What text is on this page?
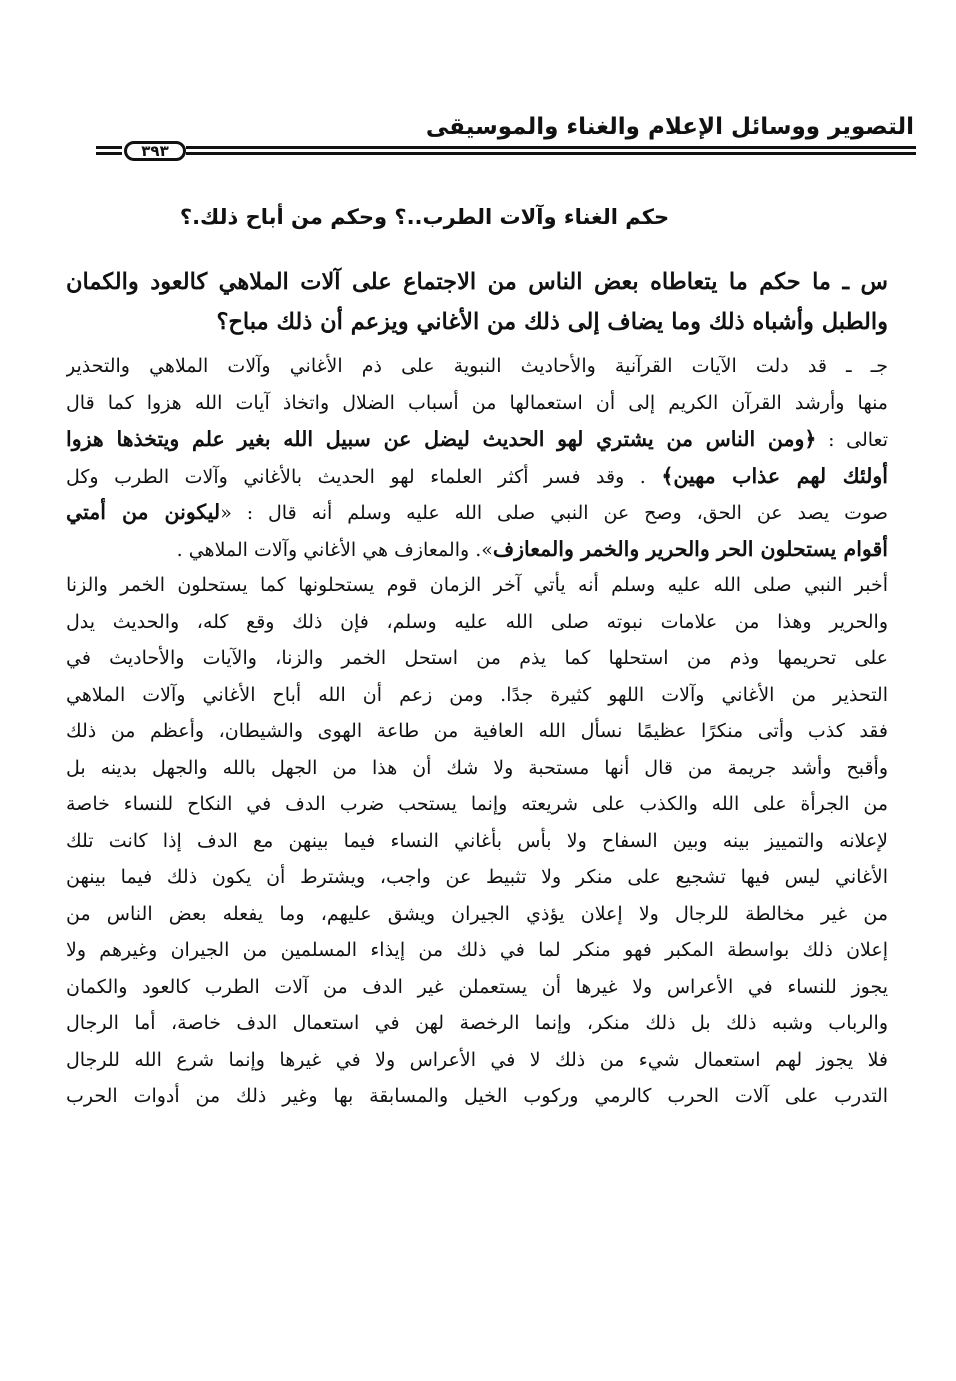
التصوير ووسائل الإعلام والغناء والموسيقى
٣٩٣
حكم الغناء وآلات الطرب..؟ وحكم من أباح ذلك.؟
س ـ ما حكم ما يتعاطاه بعض الناس من الاجتماع على آلات الملاهي كالعود والكمان والطبل وأشباه ذلك وما يضاف إلى ذلك من الأغاني ويزعم أن ذلك مباح؟
جـ ـ قد دلت الآيات القرآنية والأحاديث النبوية على ذم الأغاني وآلات الملاهي والتحذير
منها وأرشد القرآن الكريم إلى أن استعمالها من أسباب الضلال واتخاذ آيات الله هزوا كما قال
تعالى : ﴿ومن الناس من يشتري لهو الحديث ليضل عن سبيل الله بغير علم ويتخذها هزوا
أولئك لهم عذاب مهين﴾ . وقد فسر أكثر العلماء لهو الحديث بالأغاني وآلات الطرب وكل
صوت يصد عن الحق، وصح عن النبي صلى الله عليه وسلم أنه قال : «ليكونن من أمتي
أقوام يستحلون الحر والحرير والخمر والمعازف». والمعازف هي الأغاني وآلات الملاهي .
أخبر النبي صلى الله عليه وسلم أنه يأتي آخر الزمان قوم يستحلونها كما يستحلون الخمر والزنا
والحرير وهذا من علامات نبوته صلى الله عليه وسلم، فإن ذلك وقع كله، والحديث يدل
على تحريمها وذم من استحلها كما يذم من استحل الخمر والزنا، والآيات والأحاديث في
التحذير من الأغاني وآلات اللهو كثيرة جدًا. ومن زعم أن الله أباح الأغاني وآلات الملاهي
فقد كذب وأتى منكرًا عظيمًا نسأل الله العافية من طاعة الهوى والشيطان، وأعظم من ذلك
وأقبح وأشد جريمة من قال أنها مستحبة ولا شك أن هذا من الجهل بالله والجهل بدينه بل
من الجرأة على الله والكذب على شريعته وإنما يستحب ضرب الدف في النكاح للنساء خاصة
لإعلانه والتمييز بينه وبين السفاح ولا بأس بأغاني النساء فيما بينهن مع الدف إذا كانت تلك
الأغاني ليس فيها تشجيع على منكر ولا تثبيط عن واجب، ويشترط أن يكون ذلك فيما بينهن
من غير مخالطة للرجال ولا إعلان يؤذي الجيران ويشق عليهم، وما يفعله بعض الناس من
إعلان ذلك بواسطة المكبر فهو منكر لما في ذلك من إيذاء المسلمين من الجيران وغيرهم ولا
يجوز للنساء في الأعراس ولا غيرها أن يستعملن غير الدف من آلات الطرب كالعود والكمان
والرباب وشبه ذلك بل ذلك منكر، وإنما الرخصة لهن في استعمال الدف خاصة، أما الرجال
فلا يجوز لهم استعمال شيء من ذلك لا في الأعراس ولا في غيرها وإنما شرع الله للرجال
التدرب على آلات الحرب كالرمي وركوب الخيل والمسابقة بها وغير ذلك من أدوات الحرب
